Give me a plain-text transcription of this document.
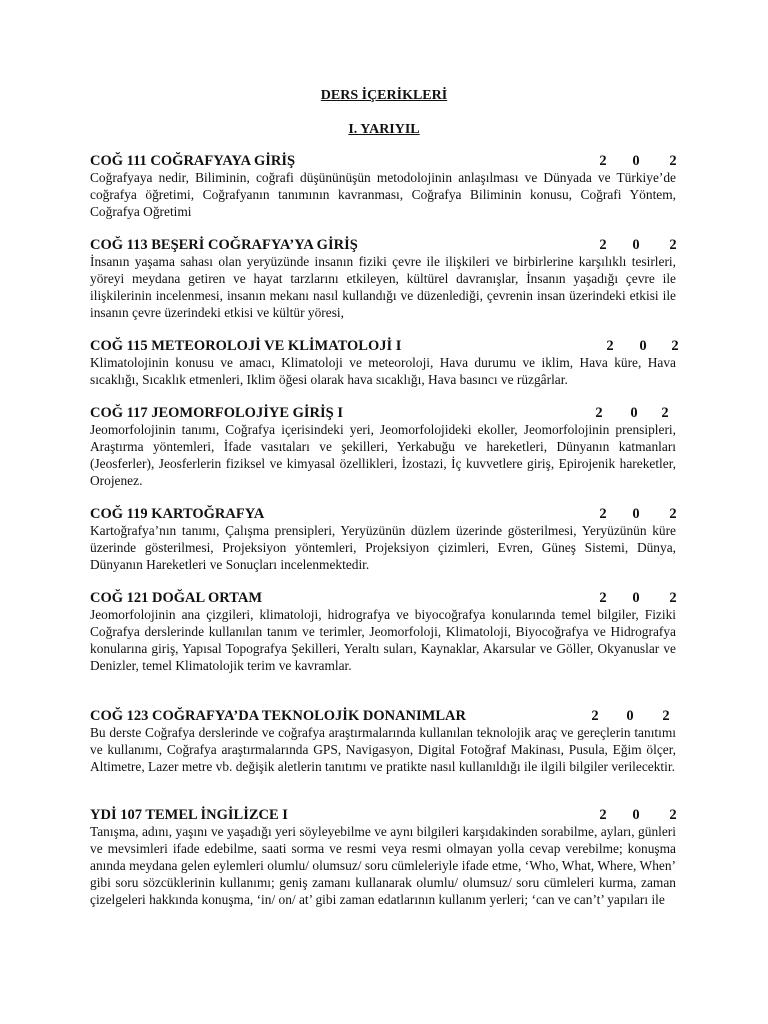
DERS İÇERİKLERİ
I. YARIYIL
COĞ 111 COĞRAFYAYA GİRİŞ	2 0 2

Coğrafyaya nedir, Biliminin, coğrafi düşününüşün metodolojinin anlaşılması ve Dünyada ve Türkiye’de coğrafya öğretimi, Coğrafyanın tanımının kavranması, Coğrafya Biliminin konusu, Coğrafi Yöntem, Coğrafya Oğretimi

COĞ 113 BEŞERİ COĞRAFYA’YA GİRİŞ	2 0 2

İnsanın yaşama sahası olan yeryüzünde insanın fiziki çevre ile ilişkileri ve birbirlerine karşılıklı tesirleri, yöreyi meydana getiren ve hayat tarzlarını etkileyen, kültürel davranışlar, İnsanın yaşadığı çevre ile ilişkilerinin incelenmesi, insanın mekanı nasıl kullandığı ve düzenlediği, çevrenin insan üzerindeki etkisi ile insanın çevre üzerindeki etkisi ve kültür yöresi,

COĞ 115 METEOROLOJİ VE KLİMATOLOJİ I	2 0 2

Klimatolojinin konusu ve amacı, Klimatoloji ve meteoroloji, Hava durumu ve iklim, Hava küre, Hava sıcaklığı, Sıcaklık etmenleri, Iklim öğesi olarak hava sıcaklığı, Hava basıncı ve rüzgârlar.

COĞ 117 JEOMORFOLOJİYE GİRİŞ I	2 0 2

Jeomorfolojinin tanımı, Coğrafya içerisindeki yeri, Jeomorfolojideki ekoller, Jeomorfolojinin prensipleri, Araştırma yöntemleri, İfade vasıtaları ve şekilleri, Yerkabuğu ve hareketleri, Dünyanın katmanları (Jeosferler), Jeosferlerin fiziksel ve kimyasal özellikleri, İzostazi, İç kuvvetlere giriş, Epirojenik hareketler, Orojenez.

COĞ 119 KARTOĞRAFYA	2 0 2

Kartoğrafya’nın tanımı, Çalışma prensipleri, Yeryüzünün düzlem üzerinde gösterilmesi, Yeryüzünün küre üzerinde gösterilmesi, Projeksiyon yöntemleri, Projeksiyon çizimleri, Evren, Güneş Sistemi, Dünya, Dünyanın Hareketleri ve Sonuçları incelenmektedir.

COĞ 121 DOĞAL ORTAM	2 0 2

Jeomorfolojinin ana çizgileri, klimatoloji, hidrografya ve biyocoğrafya konularında temel bilgiler, Fiziki Coğrafya derslerinde kullanılan tanım ve terimler, Jeomorfoloji, Klimatoloji, Biyocoğrafya ve Hidrografya konularına giriş, Yapısal Topografya Şekilleri, Yeraltı suları, Kaynaklar, Akarsular ve Göller, Okyanuslar ve Denizler, temel Klimatolojik terim ve kavramlar.

COĞ 123 COĞRAFYA’DA TEKNOLOJİK DONANIMLAR	2 0 2

Bu derste Coğrafya derslerinde ve coğrafya araştırmalarında kullanılan teknolojik araç ve gereçlerin tanıtımı ve kullanımı, Coğrafya araştırmalarında GPS, Navigasyon, Digital Fotoğraf Makinası, Pusula, Eğim ölçer, Altimetre, Lazer metre vb. değişik aletlerin tanıtımı ve pratikte nasıl kullanıldığı ile ilgili bilgiler verilecektir.

YDİ 107 TEMEL İNGİLİZCE I	2 0 2

Tanışma, adını, yaşını ve yaşadığı yeri söyleyebilme ve aynı bilgileri karşıdakinden sorabilme, ayları, günleri ve mevsimleri ifade edebilme, saati sorma ve resmi veya resmi olmayan yolla cevap verebilme; konuşma anında meydana gelen eylemleri olumlu/ olumsuz/ soru cümleleriyle ifade etme, ‘Who, What, Where, When’ gibi soru sözcüklerinin kullanımı; geniş zamanı kullanarak olumlu/ olumsuz/ soru cümleleri kurma, zaman çizelgeleri hakkında konuşma, ‘in/ on/ at’ gibi zaman edatlarının kullanım yerleri; ‘can ve can’t’ yapıları ile
